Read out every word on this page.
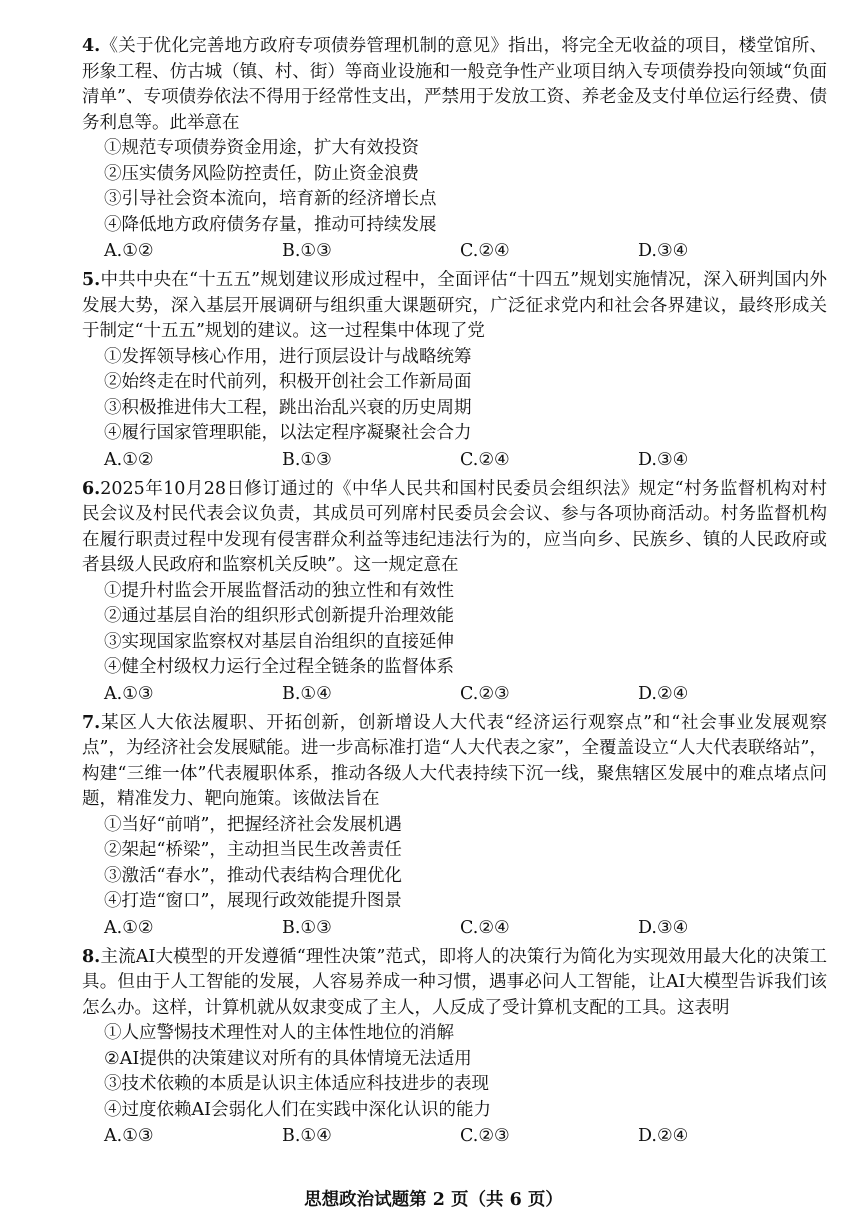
4.《关于优化完善地方政府专项债券管理机制的意见》指出，将完全无收益的项目，楼堂馆所、形象工程、仿古城（镇、村、街）等商业设施和一般竞争性产业项目纳入专项债券投向领域“负面清单”、专项债券依法不得用于经常性支出，严禁用于发放工资、养老金及支付单位运行经费、债务利息等。此举意在

①规范专项债券资金用途，扩大有效投资

②压实债务风险防控责任，防止资金浪费

③引导社会资本流向，培育新的经济增长点

④降低地方政府债务存量，推动可持续发展

A.①②	B.①③	C.②④	D.③④

5.中共中央在“十五五”规划建议形成过程中，全面评估“十四五”规划实施情况，深入研判国内外发展大势，深入基层开展调研与组织重大课题研究，广泛征求党内和社会各界建议，最终形成关于制定“十五五”规划的建议。这一过程集中体现了党

①发挥领导核心作用，进行顶层设计与战略统筹

②始终走在时代前列，积极开创社会工作新局面

③积极推进伟大工程，跳出治乱兴衰的历史周期

④履行国家管理职能，以法定程序凝聚社会合力

A.①②	B.①③	C.②④	D.③④

6.2025年10月28日修订通过的《中华人民共和国村民委员会组织法》规定“村务监督机构对村民会议及村民代表会议负责，其成员可列席村民委员会会议、参与各项协商活动。村务监督机构在履行职责过程中发现有侵害群众利益等违纪违法行为的，应当向乡、民族乡、镇的人民政府或者县级人民政府和监察机关反映”。这一规定意在

①提升村监会开展监督活动的独立性和有效性

②通过基层自治的组织形式创新提升治理效能

③实现国家监察权对基层自治组织的直接延伸

④健全村级权力运行全过程全链条的监督体系

A.①③	B.①④	C.②③	D.②④

7.某区人大依法履职、开拓创新，创新增设人大代表“经济运行观察点”和“社会事业发展观察点”，为经济社会发展赋能。进一步高标准打造“人大代表之家”，全覆盖设立“人大代表联络站”，构建“三维一体”代表履职体系，推动各级人大代表持续下沉一线，聚焦辖区发展中的难点堵点问题，精准发力、靶向施策。该做法旨在

①当好“前哨”，把握经济社会发展机遇

②架起“桥梁”，主动担当民生改善责任

③激活“春水”，推动代表结构合理优化

④打造“窗口”，展现行政效能提升图景

A.①②	B.①③	C.②④	D.③④

8.主流AI大模型的开发遵循“理性决策”范式，即将人的决策行为简化为实现效用最大化的决策工具。但由于人工智能的发展，人容易养成一种习惯，遇事必问人工智能，让AI大模型告诉我们该怎么办。这样，计算机就从奴隶变成了主人，人反成了受计算机支配的工具。这表明

①人应警惕技术理性对人的主体性地位的消解

②AI提供的决策建议对所有的具体情境无法适用

③技术依赖的本质是认识主体适应科技进步的表现

④过度依赖AI会弱化人们在实践中深化认识的能力

A.①③	B.①④	C.②③	D.②④
思想政治试题第 2 页（共 6 页）
